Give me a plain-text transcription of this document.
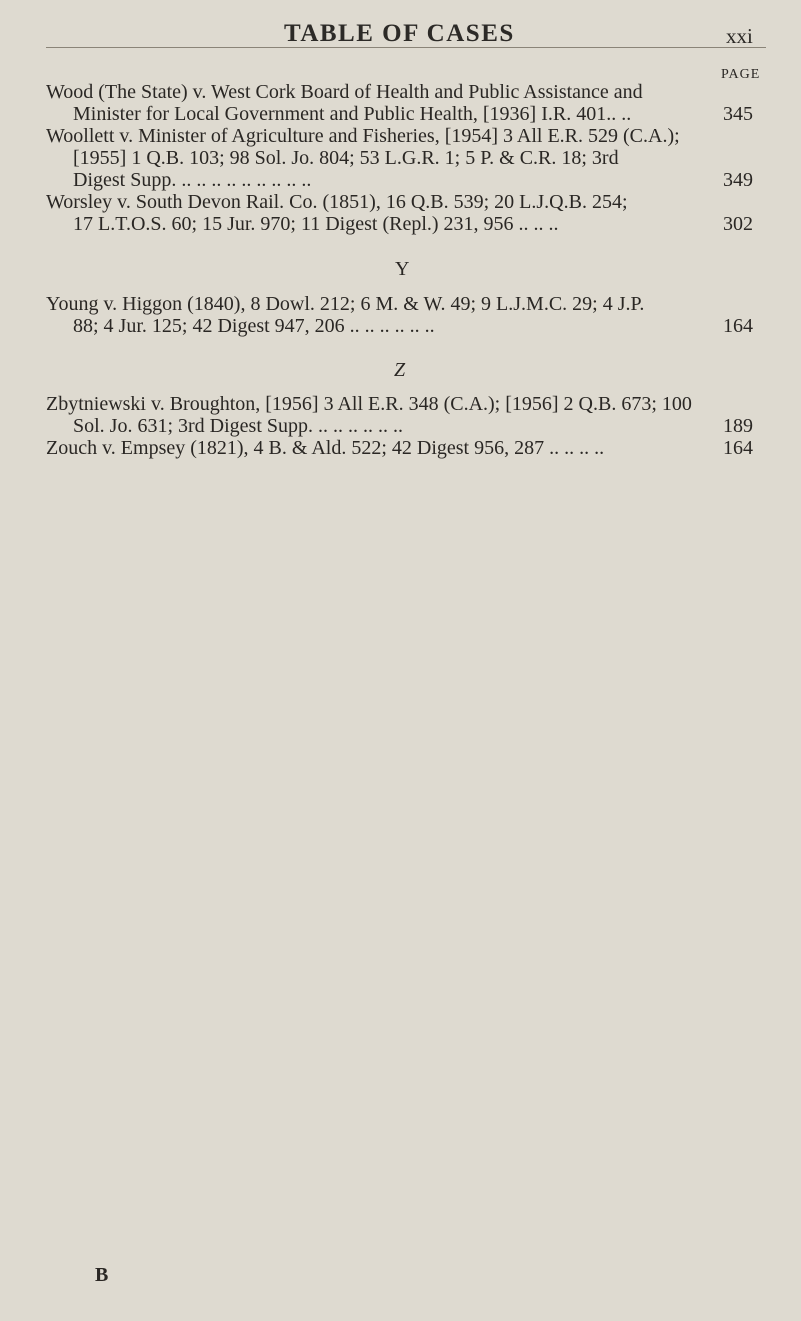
TABLE OF CASES	xxi
PAGE
Wood (The State) v. West Cork Board of Health and Public Assistance and
Minister for Local Government and Public Health, [1936] I.R. 401.. ..	345
Woollett v. Minister of Agriculture and Fisheries, [1954] 3 All E.R. 529 (C.A.);
[1955] 1 Q.B. 103; 98 Sol. Jo. 804; 53 L.G.R. 1; 5 P. & C.R. 18; 3rd
Digest Supp. .. .. .. .. .. .. .. .. ..	349
Worsley v. South Devon Rail. Co. (1851), 16 Q.B. 539; 20 L.J.Q.B. 254;
17 L.T.O.S. 60; 15 Jur. 970; 11 Digest (Repl.) 231, 956 .. .. ..	302
Y
Young v. Higgon (1840), 8 Dowl. 212; 6 M. & W. 49; 9 L.J.M.C. 29; 4 J.P.
88; 4 Jur. 125; 42 Digest 947, 206 .. .. .. .. .. ..	164
Z
Zbytniewski v. Broughton, [1956] 3 All E.R. 348 (C.A.); [1956] 2 Q.B. 673; 100
Sol. Jo. 631; 3rd Digest Supp. .. .. .. .. .. ..	189
Zouch v. Empsey (1821), 4 B. & Ald. 522; 42 Digest 956, 287 .. .. .. ..	164
B
